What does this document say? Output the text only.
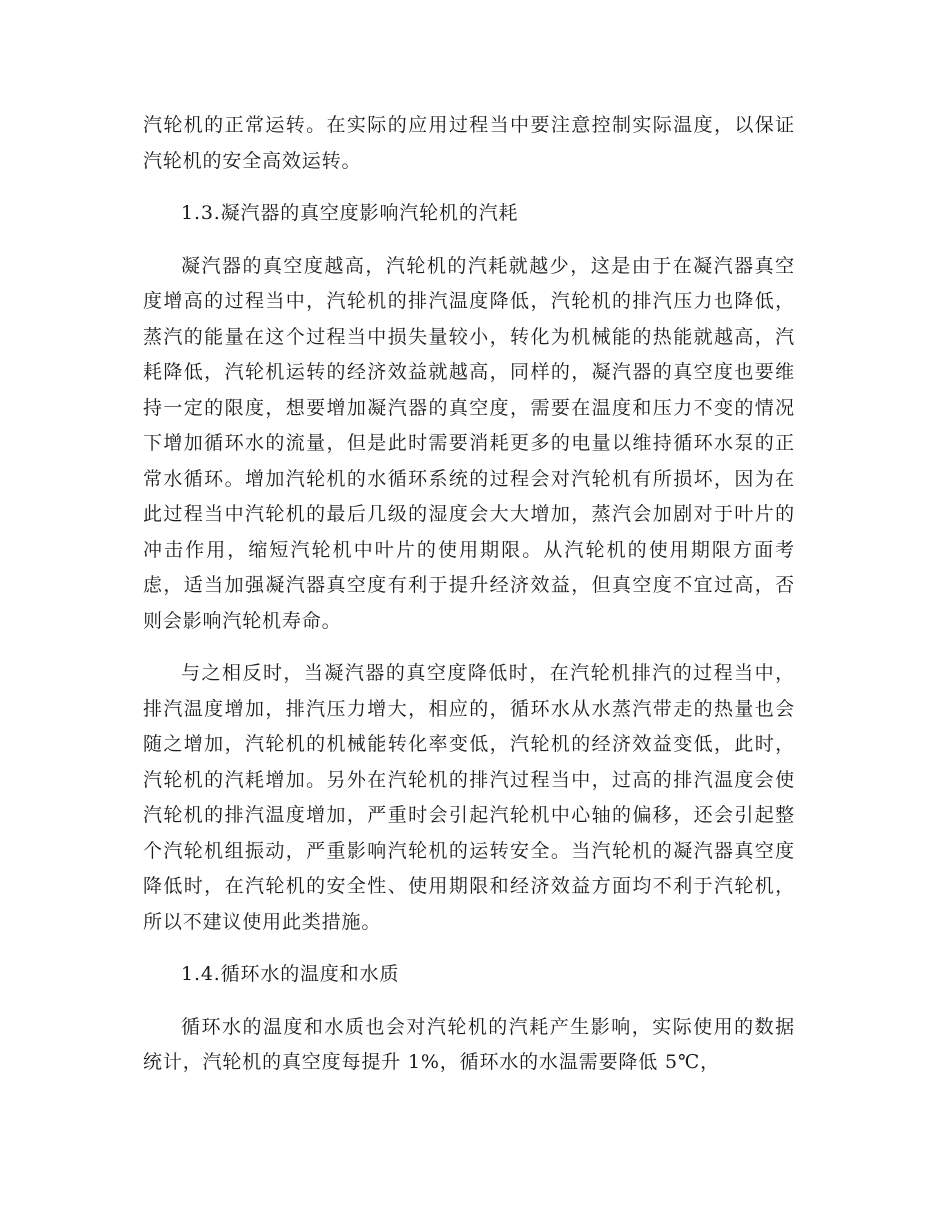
汽轮机的正常运转。在实际的应用过程当中要注意控制实际温度，以保证汽轮机的安全高效运转。

1.3.凝汽器的真空度影响汽轮机的汽耗

凝汽器的真空度越高，汽轮机的汽耗就越少，这是由于在凝汽器真空度增高的过程当中，汽轮机的排汽温度降低，汽轮机的排汽压力也降低，蒸汽的能量在这个过程当中损失量较小，转化为机械能的热能就越高，汽耗降低，汽轮机运转的经济效益就越高，同样的，凝汽器的真空度也要维持一定的限度，想要增加凝汽器的真空度，需要在温度和压力不变的情况下增加循环水的流量，但是此时需要消耗更多的电量以维持循环水泵的正常水循环。增加汽轮机的水循环系统的过程会对汽轮机有所损坏，因为在此过程当中汽轮机的最后几级的湿度会大大增加，蒸汽会加剧对于叶片的冲击作用，缩短汽轮机中叶片的使用期限。从汽轮机的使用期限方面考虑，适当加强凝汽器真空度有利于提升经济效益，但真空度不宜过高，否则会影响汽轮机寿命。

与之相反时，当凝汽器的真空度降低时，在汽轮机排汽的过程当中，排汽温度增加，排汽压力增大，相应的，循环水从水蒸汽带走的热量也会随之增加，汽轮机的机械能转化率变低，汽轮机的经济效益变低，此时，汽轮机的汽耗增加。另外在汽轮机的排汽过程当中，过高的排汽温度会使汽轮机的排汽温度增加，严重时会引起汽轮机中心轴的偏移，还会引起整个汽轮机组振动，严重影响汽轮机的运转安全。当汽轮机的凝汽器真空度降低时，在汽轮机的安全性、使用期限和经济效益方面均不利于汽轮机，所以不建议使用此类措施。

1.4.循环水的温度和水质

循环水的温度和水质也会对汽轮机的汽耗产生影响，实际使用的数据统计，汽轮机的真空度每提升 1%，循环水的水温需要降低 5℃，
